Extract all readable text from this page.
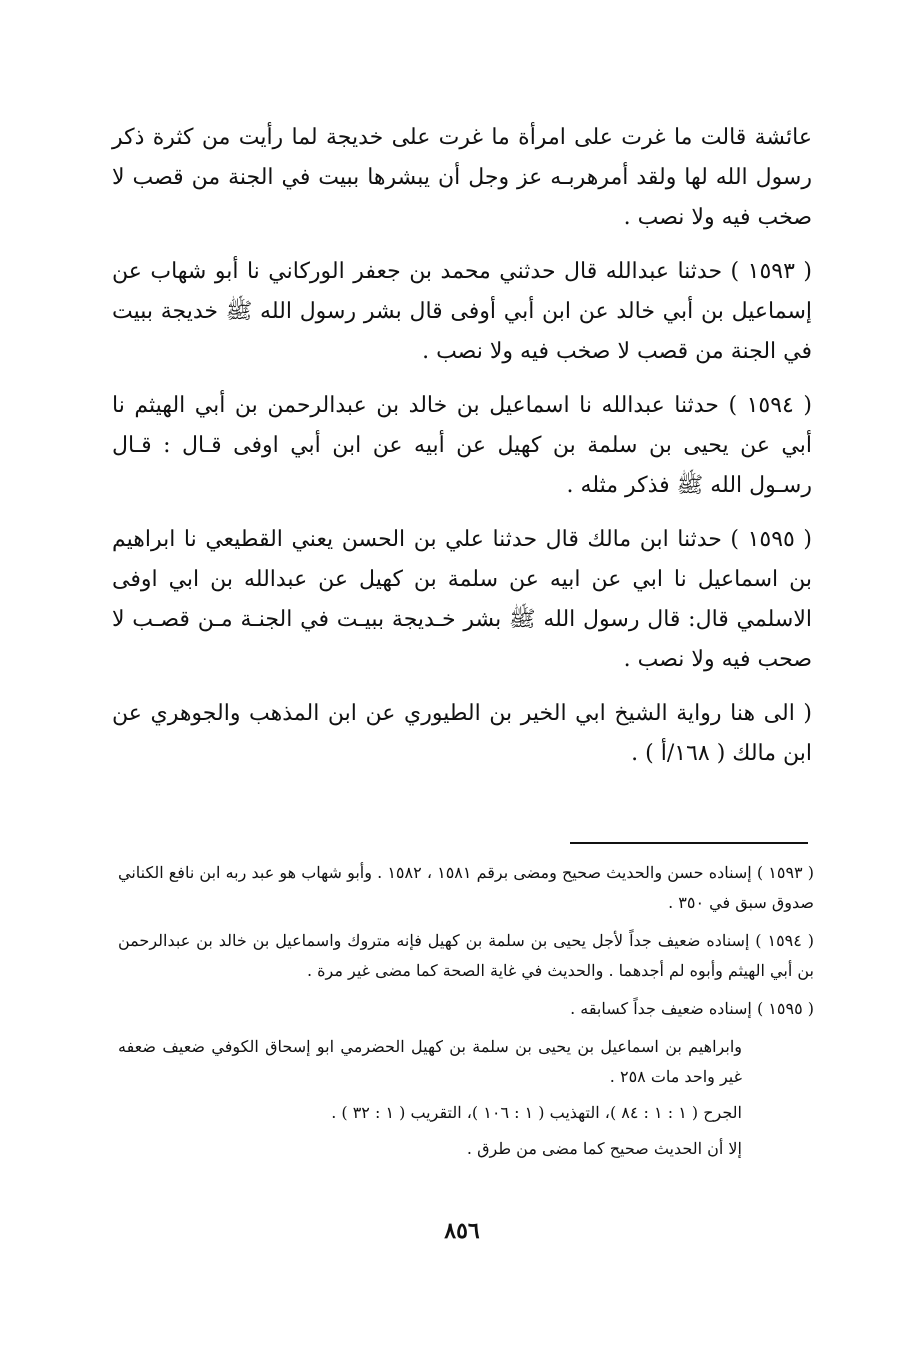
عائشة قالت ما غرت على امرأة ما غرت على خديجة لما رأيت من كثرة ذكر رسول الله لها ولقد أمرهربـه عز وجل أن يبشرها ببيت في الجنة من قصب لا صخب فيه ولا نصب .

( ١٥٩٣ ) حدثنا عبدالله قال حدثني محمد بن جعفر الوركاني نا أبو شهاب عن إسماعيل بن أبي خالد عن ابن أبي أوفى قال بشر رسول الله ﷺ خديجة ببيت في الجنة من قصب لا صخب فيه ولا نصب .

( ١٥٩٤ ) حدثنا عبدالله نا اسماعيل بن خالد بن عبدالرحمن بن أبي الهيثم نا أبي عن يحيى بن سلمة بن كهيل عن أبيه عن ابن أبي اوفى قـال : قـال رسـول الله ﷺ فذكر مثله .

( ١٥٩٥ ) حدثنا ابن مالك قال حدثنا علي بن الحسن يعني القطيعي نا ابراهيم بن اسماعيل نا ابي عن ابيه عن سلمة بن كهيل عن عبدالله بن ابي اوفى الاسلمي قال: قال رسول الله ﷺ بشر خـديجة ببيـت في الجنـة مـن قصـب لا صحب فيه ولا نصب .

( الى هنا رواية الشيخ ابي الخير بن الطيوري عن ابن المذهب والجوهري عن ابن مالك ( ١٦٨/أ ) .

( ١٥٩٣ ) إسناده حسن والحديث صحيح ومضى برقم ١٥٨١ ، ١٥٨٢ . وأبو شهاب هو عبد ربه ابن نافع الكناني صدوق سبق في ٣٥٠ .

( ١٥٩٤ ) إسناده ضعيف جداً لأجل يحيى بن سلمة بن كهيل فإنه متروك واسماعيل بن خالد بن عبدالرحمن بن أبي الهيثم وأبوه لم أجدهما . والحديث في غاية الصحة كما مضى غير مرة .

( ١٥٩٥ ) إسناده ضعيف جداً كسابقه .

وابراهيم بن اسماعيل بن يحيى بن سلمة بن كهيل الحضرمي ابو إسحاق الكوفي ضعيف ضعفه غير واحد مات ٢٥٨ .

الجرح ( ١ : ١ : ٨٤ )، التهذيب ( ١ : ١٠٦ )، التقريب ( ١ : ٣٢ ) .

إلا أن الحديث صحيح كما مضى من طرق .

٨٥٦
